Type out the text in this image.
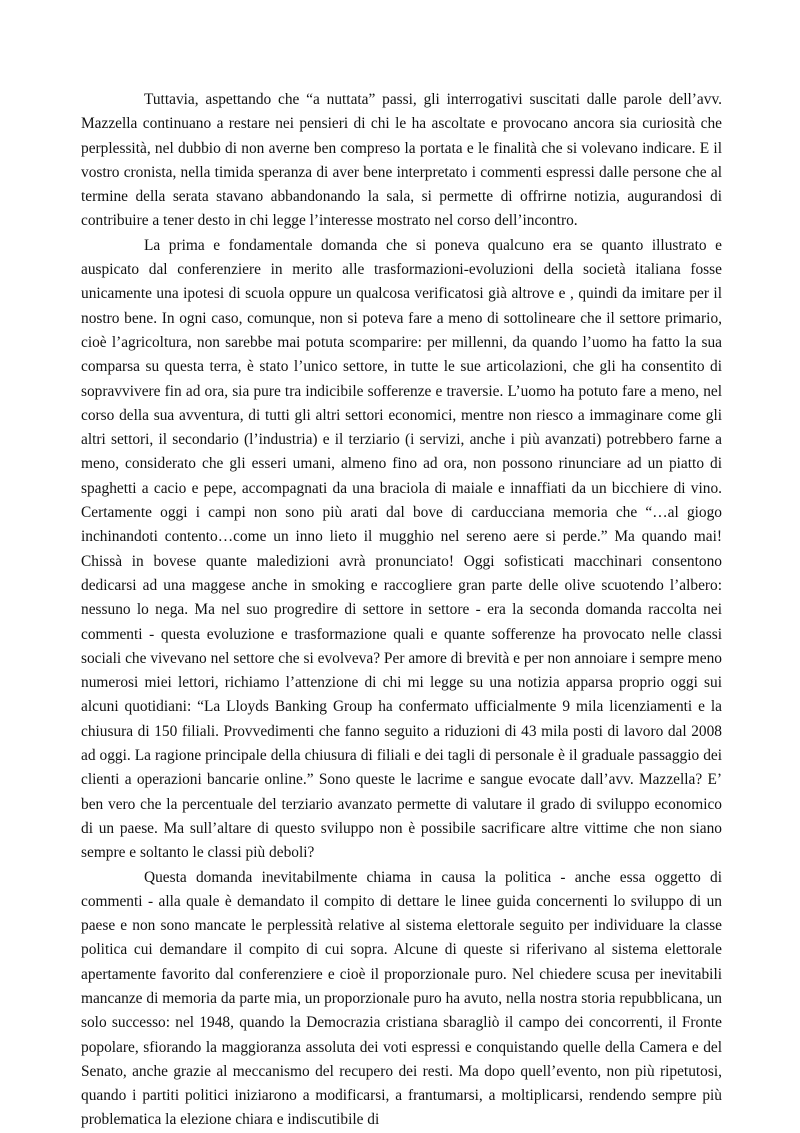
Tuttavia, aspettando che “a nuttata” passi, gli interrogativi suscitati dalle parole dell’avv. Mazzella continuano a restare nei pensieri di chi le ha ascoltate e provocano ancora sia curiosità che perplessità, nel dubbio di non averne ben compreso la portata e le finalità che si volevano indicare. E il vostro cronista, nella timida speranza di aver bene interpretato i commenti espressi dalle persone che al termine della serata stavano abbandonando la sala, si permette di offrirne notizia, augurandosi di contribuire a tener desto in chi legge l’interesse mostrato nel corso dell’incontro.

La prima e fondamentale domanda che si poneva qualcuno era se quanto illustrato e auspicato dal conferenziere in merito alle trasformazioni-evoluzioni della società italiana fosse unicamente una ipotesi di scuola oppure un qualcosa verificatosi già altrove e , quindi da imitare per il nostro bene. In ogni caso, comunque, non si poteva fare a meno di sottolineare che il settore primario, cioè l’agricoltura, non sarebbe mai potuta scomparire: per millenni, da quando l’uomo ha fatto la sua comparsa su questa terra, è stato l’unico settore, in tutte le sue articolazioni, che gli ha consentito di sopravvivere fin ad ora, sia pure tra indicibile sofferenze e traversie. L’uomo ha potuto fare a meno, nel corso della sua avventura, di tutti gli altri settori economici, mentre non riesco a immaginare come gli altri settori, il secondario (l’industria) e il terziario (i servizi, anche i più avanzati) potrebbero farne a meno, considerato che gli esseri umani, almeno fino ad ora, non possono rinunciare ad un piatto di spaghetti a cacio e pepe, accompagnati da una braciola di maiale e innaffiati da un bicchiere di vino. Certamente oggi i campi non sono più arati dal bove di carducciana memoria che “…al giogo inchinandoti contento…come un inno lieto il mugghio nel sereno aere si perde.” Ma quando mai! Chissà in bovese quante maledizioni avrà pronunciato! Oggi sofisticati macchinari consentono dedicarsi ad una maggese anche in smoking e raccogliere gran parte delle olive scuotendo l’albero: nessuno lo nega. Ma nel suo progredire di settore in settore - era la seconda domanda raccolta nei commenti - questa evoluzione e trasformazione quali e quante sofferenze ha provocato nelle classi sociali che vivevano nel settore che si evolveva? Per amore di brevità e per non annoiare i sempre meno numerosi miei lettori, richiamo l’attenzione di chi mi legge su una notizia apparsa proprio oggi sui alcuni quotidiani: “La Lloyds Banking Group ha confermato ufficialmente 9 mila licenziamenti e la chiusura di 150 filiali. Provvedimenti che fanno seguito a riduzioni di 43 mila posti di lavoro dal 2008 ad oggi. La ragione principale della chiusura di filiali e dei tagli di personale è il graduale passaggio dei clienti a operazioni bancarie online.” Sono queste le lacrime e sangue evocate dall’avv. Mazzella? E’ ben vero che la percentuale del terziario avanzato permette di valutare il grado di sviluppo economico di un paese. Ma sull’altare di questo sviluppo non è possibile sacrificare altre vittime che non siano sempre e soltanto le classi più deboli?

Questa domanda inevitabilmente chiama in causa la politica - anche essa oggetto di commenti - alla quale è demandato il compito di dettare le linee guida concernenti lo sviluppo di un paese e non sono mancate le perplessità relative al sistema elettorale seguito per individuare la classe politica cui demandare il compito di cui sopra. Alcune di queste si riferivano al sistema elettorale apertamente favorito dal conferenziere e cioè il proporzionale puro. Nel chiedere scusa per inevitabili mancanze di memoria da parte mia, un proporzionale puro ha avuto, nella nostra storia repubblicana, un solo successo: nel 1948, quando la Democrazia cristiana sbaragliò il campo dei concorrenti, il Fronte popolare, sfiorando la maggioranza assoluta dei voti espressi e conquistando quelle della Camera e del Senato, anche grazie al meccanismo del recupero dei resti. Ma dopo quell’evento, non più ripetutosi, quando i partiti politici iniziarono a modificarsi, a frantumarsi, a moltiplicarsi, rendendo sempre più problematica la elezione chiara e indiscutibile di
